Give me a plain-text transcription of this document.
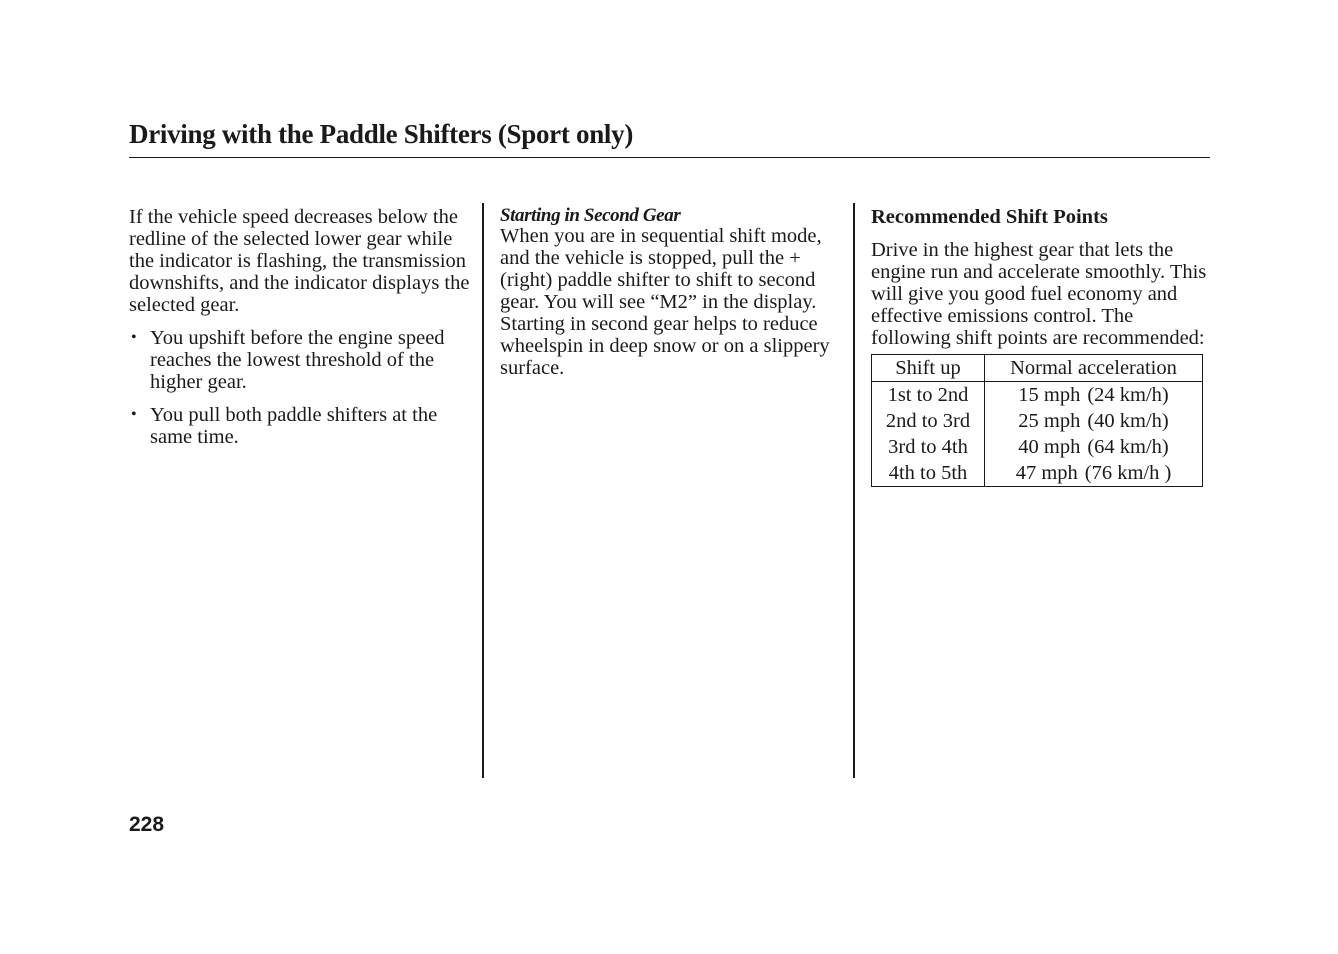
Driving with the Paddle Shifters (Sport only)

If the vehicle speed decreases below the redline of the selected lower gear while the indicator is flashing, the transmission downshifts, and the indicator displays the selected gear.

• You upshift before the engine speed reaches the lowest threshold of the higher gear.
• You pull both paddle shifters at the same time.

Starting in Second Gear

When you are in sequential shift mode, and the vehicle is stopped, pull the + (right) paddle shifter to shift to second gear. You will see “M2” in the display. Starting in second gear helps to reduce wheelspin in deep snow or on a slippery surface.

Recommended Shift Points

Drive in the highest gear that lets the engine run and accelerate smoothly. This will give you good fuel economy and effective emissions control. The following shift points are recommended:

Shift up	Normal acceleration
1st to 2nd	15 mph (24 km/h)
2nd to 3rd	25 mph (40 km/h)
3rd to 4th	40 mph (64 km/h)
4th to 5th	47 mph (76 km/h )
228
